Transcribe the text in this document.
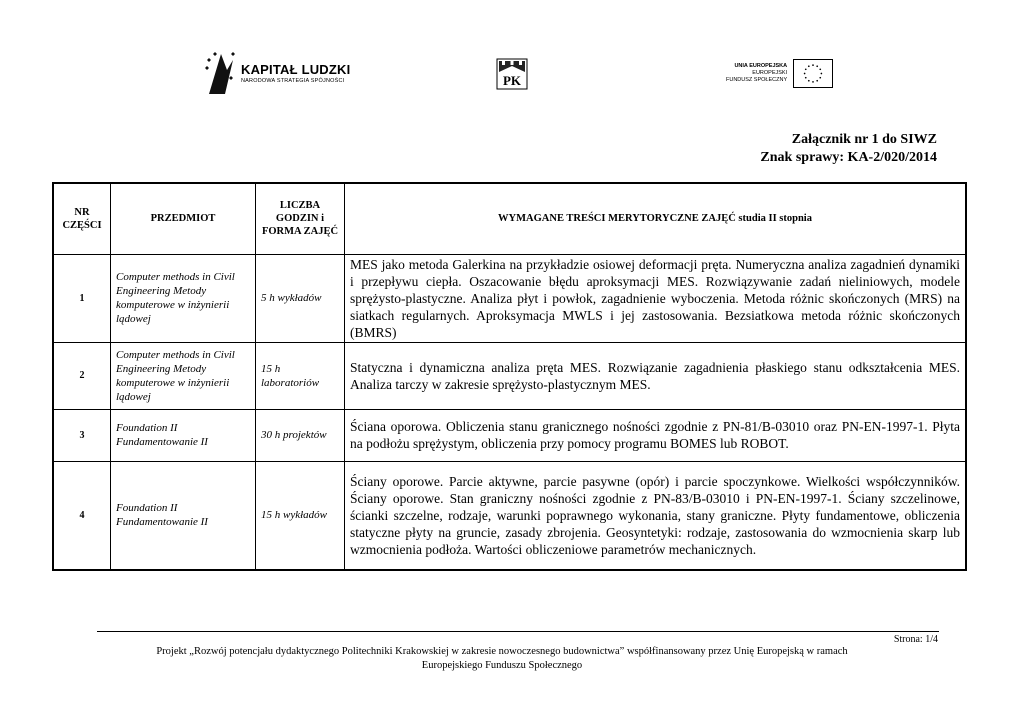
KAPITAŁ LUDZKI
NARODOWA STRATEGIA SPÓJNOŚCI	PK
UNIA EUROPEJSKA
EUROPEJSKI
FUNDUSZ SPOŁECZNY
Załącznik nr 1 do SIWZ
Znak sprawy: KA-2/020/2014
NR CZĘŚCI	PRZEDMIOT	LICZBA GODZIN i FORMA ZAJĘĆ	WYMAGANE TREŚCI MERYTORYCZNE ZAJĘĆ studia II stopnia
1	Computer methods in Civil Engineering Metody komputerowe w inżynierii lądowej	5 h wykładów	MES jako metoda Galerkina na przykładzie osiowej deformacji pręta. Numeryczna analiza zagadnień dynamiki i przepływu ciepła. Oszacowanie błędu aproksymacji MES. Rozwiązywanie zadań nieliniowych, modele sprężysto-plastyczne. Analiza płyt i powłok, zagadnienie wyboczenia. Metoda różnic skończonych (MRS) na siatkach regularnych. Aproksymacja MWLS i jej zastosowania. Bezsiatkowa metoda różnic skończonych (BMRS)
2	Computer methods in Civil Engineering Metody komputerowe w inżynierii lądowej	15 h laboratoriów	Statyczna i dynamiczna analiza pręta MES. Rozwiązanie zagadnienia płaskiego stanu odkształcenia MES. Analiza tarczy w zakresie sprężysto-plastycznym MES.
3	Foundation II Fundamentowanie II	30 h projektów	Ściana oporowa. Obliczenia stanu granicznego nośności zgodnie z PN-81/B-03010 oraz PN-EN-1997-1. Płyta na podłożu sprężystym, obliczenia przy pomocy programu BOMES lub ROBOT.
4	Foundation II Fundamentowanie II	15 h wykładów	Ściany oporowe. Parcie aktywne, parcie pasywne (opór) i parcie spoczynkowe. Wielkości współczynników. Ściany oporowe. Stan graniczny nośności zgodnie z PN-83/B-03010 i PN-EN-1997-1. Ściany szczelinowe, ścianki szczelne, rodzaje, warunki poprawnego wykonania, stany graniczne. Płyty fundamentowe, obliczenia statyczne płyty na gruncie, zasady zbrojenia. Geosyntetyki: rodzaje, zastosowania do wzmocnienia skarp lub wzmocnienia podłoża. Wartości obliczeniowe parametrów mechanicznych.
Strona: 1/4
Projekt „Rozwój potencjału dydaktycznego Politechniki Krakowskiej w zakresie nowoczesnego budownictwa” współfinansowany przez Unię Europejską w ramach
Europejskiego Funduszu Społecznego
